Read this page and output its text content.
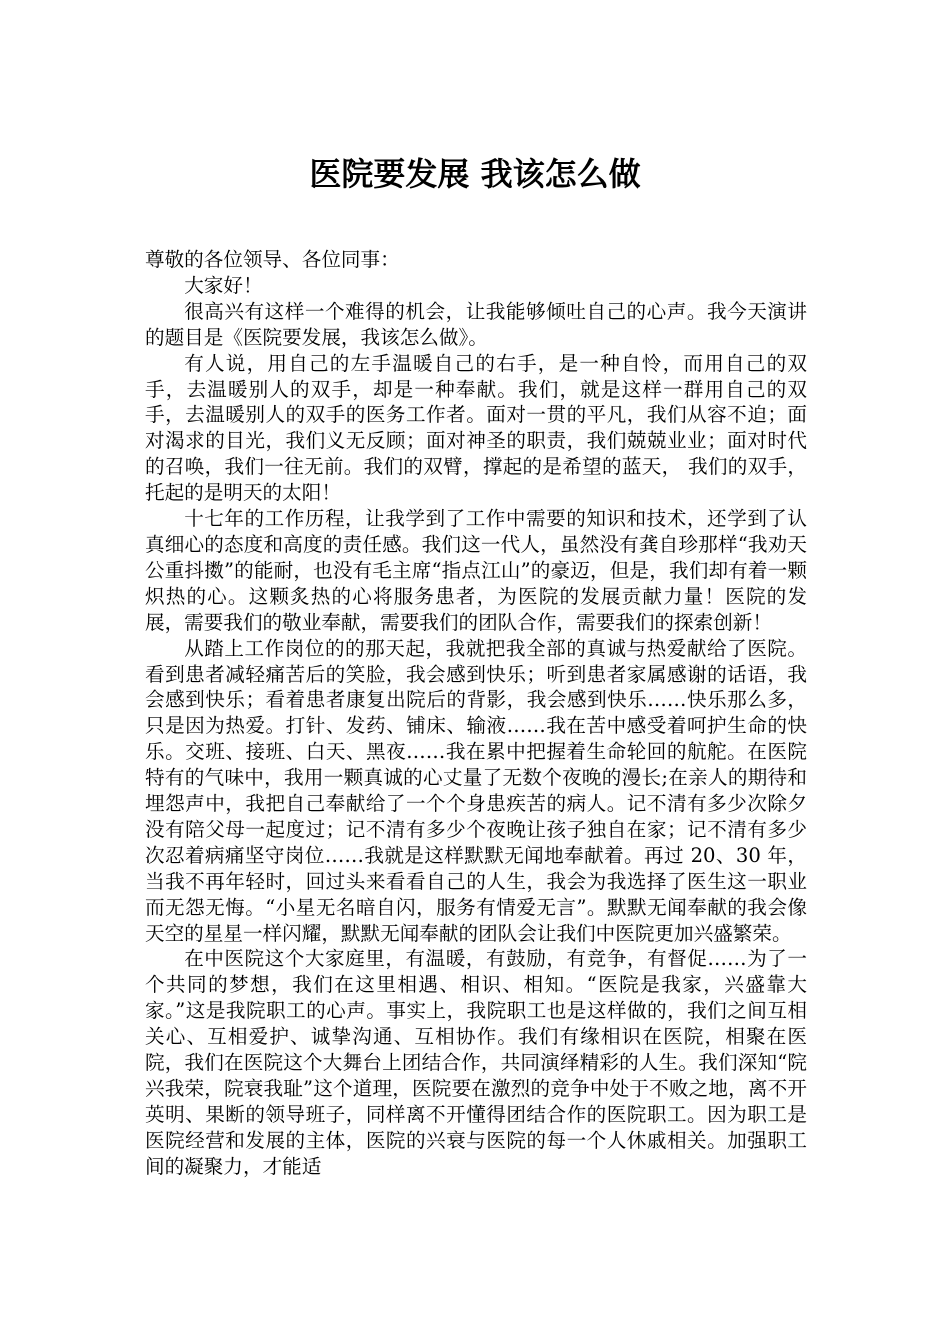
医院要发展 我该怎么做

尊敬的各位领导、各位同事：

大家好！

很高兴有这样一个难得的机会，让我能够倾吐自己的心声。我今天演讲的题目是《医院要发展，我该怎么做》。

有人说，用自己的左手温暖自己的右手，是一种自怜，而用自己的双手，去温暖别人的双手，却是一种奉献。我们，就是这样一群用自己的双手，去温暖别人的双手的医务工作者。面对一贯的平凡，我们从容不迫；面对渴求的目光，我们义无反顾；面对神圣的职责，我们兢兢业业；面对时代的召唤，我们一往无前。我们的双臂，撑起的是希望的蓝天， 我们的双手，托起的是明天的太阳！

十七年的工作历程，让我学到了工作中需要的知识和技术，还学到了认真细心的态度和高度的责任感。我们这一代人，虽然没有龚自珍那样“我劝天公重抖擞”的能耐，也没有毛主席“指点江山”的豪迈，但是，我们却有着一颗炽热的心。这颗炙热的心将服务患者，为医院的发展贡献力量！医院的发展，需要我们的敬业奉献，需要我们的团队合作，需要我们的探索创新！

从踏上工作岗位的的那天起，我就把我全部的真诚与热爱献给了医院。看到患者减轻痛苦后的笑脸，我会感到快乐；听到患者家属感谢的话语，我会感到快乐；看着患者康复出院后的背影，我会感到快乐……快乐那么多，只是因为热爱。打针、发药、铺床、输液……我在苦中感受着呵护生命的快乐。交班、接班、白天、黑夜……我在累中把握着生命轮回的航舵。在医院特有的气味中，我用一颗真诚的心丈量了无数个夜晚的漫长;在亲人的期待和埋怨声中，我把自己奉献给了一个个身患疾苦的病人。记不清有多少次除夕没有陪父母一起度过；记不清有多少个夜晚让孩子独自在家；记不清有多少次忍着病痛坚守岗位……我就是这样默默无闻地奉献着。再过 20、30 年，当我不再年轻时，回过头来看看自己的人生，我会为我选择了医生这一职业而无怨无悔。“小星无名暗自闪，服务有情爱无言”。默默无闻奉献的我会像天空的星星一样闪耀，默默无闻奉献的团队会让我们中医院更加兴盛繁荣。

在中医院这个大家庭里，有温暖，有鼓励，有竞争，有督促……为了一个共同的梦想，我们在这里相遇、相识、相知。“医院是我家，兴盛靠大家。”这是我院职工的心声。事实上，我院职工也是这样做的，我们之间互相关心、互相爱护、诚挚沟通、互相协作。我们有缘相识在医院，相聚在医院，我们在医院这个大舞台上团结合作，共同演绎精彩的人生。我们深知“院兴我荣，院衰我耻”这个道理，医院要在激烈的竞争中处于不败之地，离不开英明、果断的领导班子，同样离不开懂得团结合作的医院职工。因为职工是医院经营和发展的主体，医院的兴衰与医院的每一个人休戚相关。加强职工间的凝聚力，才能适
